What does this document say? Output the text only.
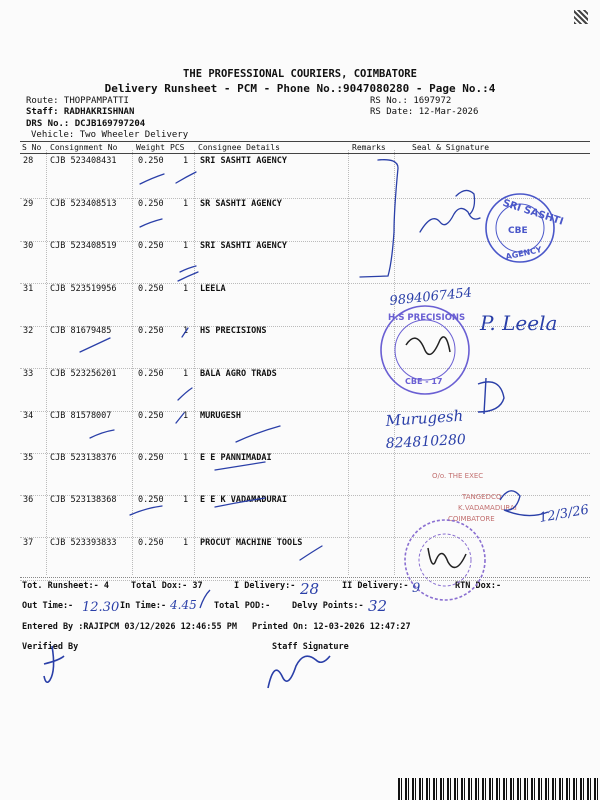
THE PROFESSIONAL COURIERS, COIMBATORE
Delivery Runsheet - PCM - Phone No.:9047080280 - Page No.:4
Route: THOPPAMPATTI
Staff: RADHAKRISHNAN
DRS No.: DCJB169797204
Vehicle: Two Wheeler Delivery
RS No.: 1697972
RS Date: 12-Mar-2026
S No Consignment No Weight PCS Consignee Details	Remarks	Seal & Signature
28 CJB 523408431	0.250 1 SRI SASHTI AGENCY
29 CJB 523408513	0.250 1 SR SASHTI AGENCY
30 CJB 523408519	0.250 1 SRI SASHTI AGENCY
31 CJB 523519956	0.250 1 LEELA
32 CJB 81679485	0.250 1 HS PRECISIONS
33 CJB 523256201	0.250 1 BALA AGRO TRADS
34 CJB 81578007	0.250 1 MURUGESH
35 CJB 523138376	0.250 1 E E PANNIMADAI
36 CJB 523138368	0.250 1 E E K VADAMADURAI
37 CJB 523393833	0.250 1 PROCUT MACHINE TOOLS
Tot. Runsheet:- 4	Total Dox:- 37	I Delivery:-	II Delivery:-	RTN Dox:-
Out Time:-	In Time:-	Total POD:-	Delvy Points:-
Entered By :RAJIPCM 03/12/2026 12:46:55 PM Printed On: 12-03-2026 12:47:27
Verified By	Staff Signature
SRI SASHTI
CBE
AGENCY
H.S PRECISIONS
CBE - 17
9894067454
P. Leela
Murugesh
824810280
O/o. THE EXEC
TANGEDCO
K.VADAMADURAI
COIMBATORE	12/3/26
28	9
12.30	4.45	32
